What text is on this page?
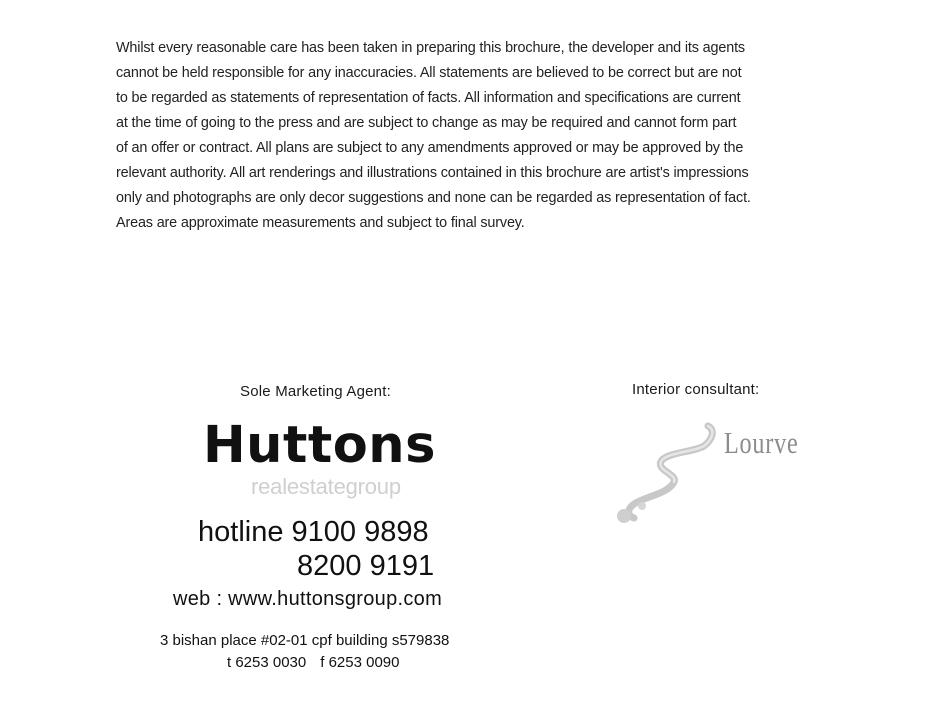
Whilst every reasonable care has been taken in preparing this brochure, the developer and its agents
cannot be held responsible for any inaccuracies. All statements are believed to be correct but are not
to be regarded as statements of representation of facts. All information and specifications are current
at the time of going to the press and are subject to change as may be required and cannot form part
of an offer or contract. All plans are subject to any amendments approved or may be approved by the
relevant authority. All art renderings and illustrations contained in this brochure are artist's impressions
only and photographs are only decor suggestions and none can be regarded as representation of fact.
Areas are approximate measurements and subject to final survey.
Sole Marketing Agent:	Interior consultant:
Huttons
realestategroup
hotline 9100 9898
8200 9191
web : www.huttonsgroup.com
3 bishan place #02-01 cpf building s579838
t 6253 0030 f 6253 0090
Lourve
